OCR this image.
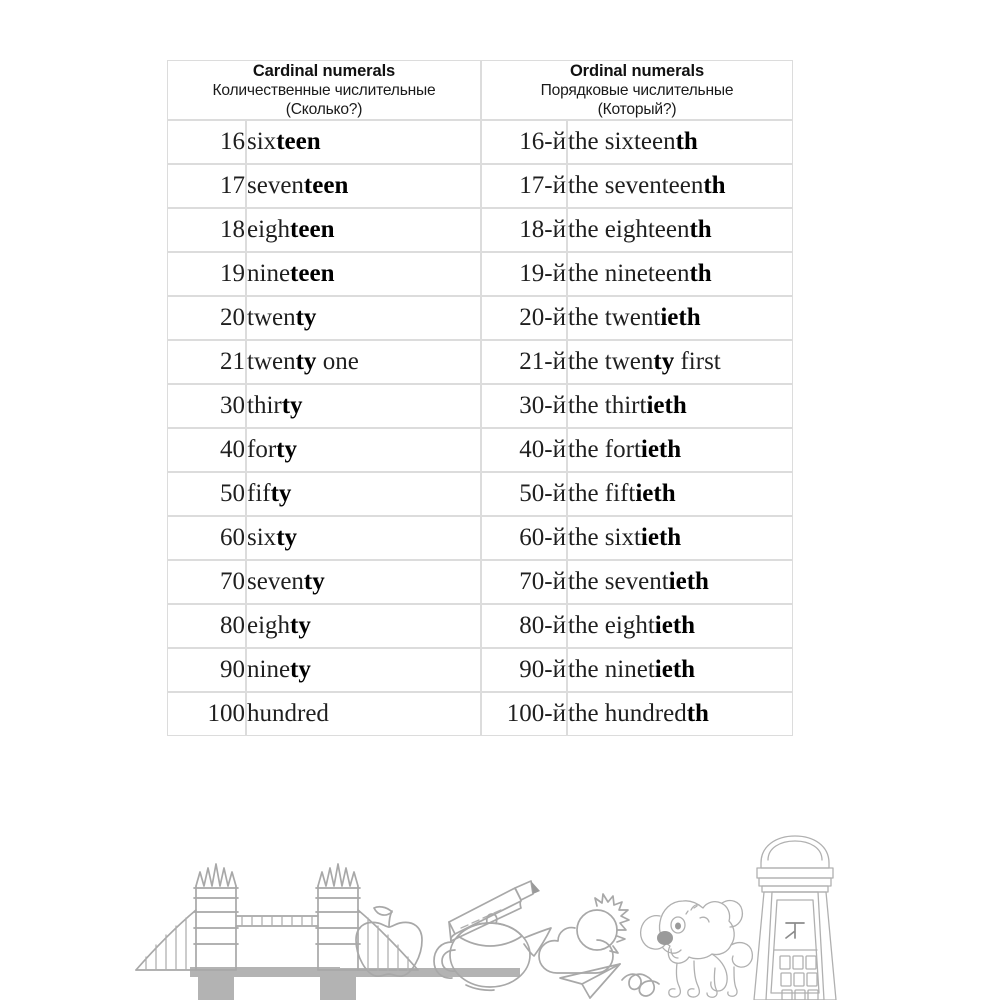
Cardinal numerals
Количественные числительные
(Сколько?)

Ordinal numerals
Порядковые числительные
(Который?)

16	sixteen	16-й	the sixteenth
17	seventeen	17-й	the seventeenth
18	eighteen	18-й	the eighteenth
19	nineteen	19-й	the nineteenth
20	twenty	20-й	the twentieth
21	twenty one	21-й	the twenty first
30	thirty	30-й	the thirtieth
40	forty	40-й	the fortieth
50	fifty	50-й	the fiftieth
60	sixty	60-й	the sixtieth
70	seventy	70-й	the seventieth
80	eighty	80-й	the eightieth
90	ninety	90-й	the ninetieth
100	hundred	100-й	the hundredth
